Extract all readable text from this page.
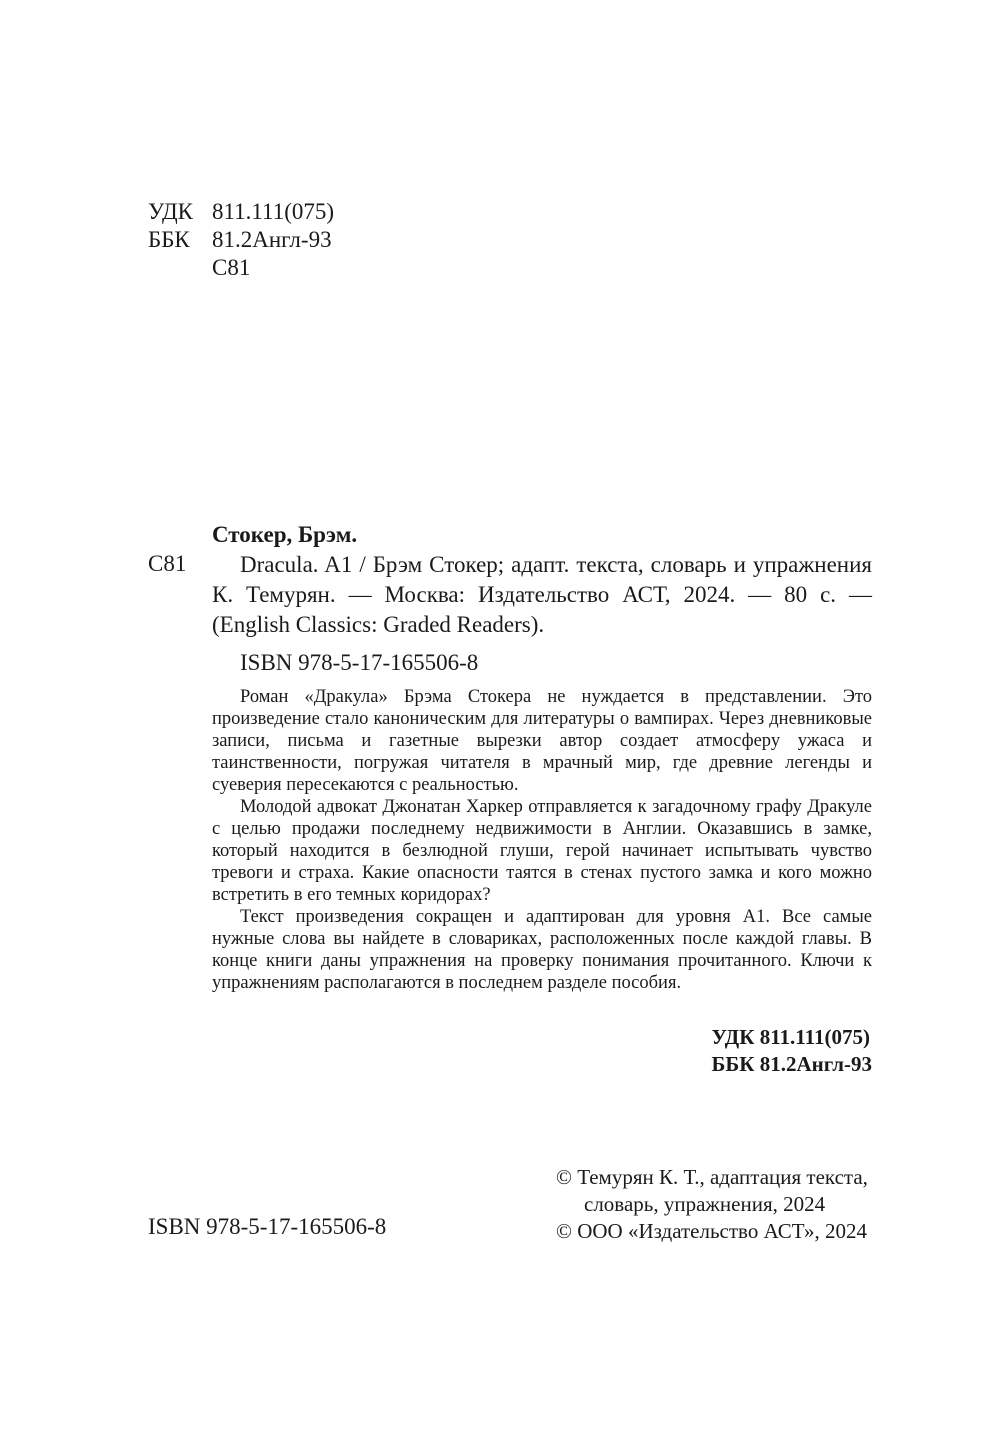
УДК 811.111(075)
ББК 81.2Англ-93
С81
Стокер, Брэм.
С81	Dracula. A1 / Брэм Стокер; адапт. текста, словарь и упражнения К. Темурян. — Москва: Издательство АСТ, 2024. — 80 с. — (English Classics: Graded Readers).
ISBN 978-5-17-165506-8

Роман «Дракула» Брэма Стокера не нуждается в представлении. Это произведение стало каноническим для литературы о вампирах. Через дневниковые записи, письма и газетные вырезки автор создает атмосферу ужаса и таинственности, погружая читателя в мрачный мир, где древние легенды и суеверия пересекаются с реальностью.

Молодой адвокат Джонатан Харкер отправляется к загадочному графу Дракуле с целью продажи последнему недвижимости в Англии. Оказавшись в замке, который находится в безлюдной глуши, герой начинает испытывать чувство тревоги и страха. Какие опасности таятся в стенах пустого замка и кого можно встретить в его темных коридорах?

Текст произведения сокращен и адаптирован для уровня А1. Все самые нужные слова вы найдете в словариках, расположенных после каждой главы. В конце книги даны упражнения на проверку понимания прочитанного. Ключи к упражнениям располагаются в последнем разделе пособия.

УДК 811.111(075)
ББК 81.2Англ-93
ISBN 978-5-17-165506-8
© Темурян К. Т., адаптация текста,
словарь, упражнения, 2024
© ООО «Издательство АСТ», 2024
